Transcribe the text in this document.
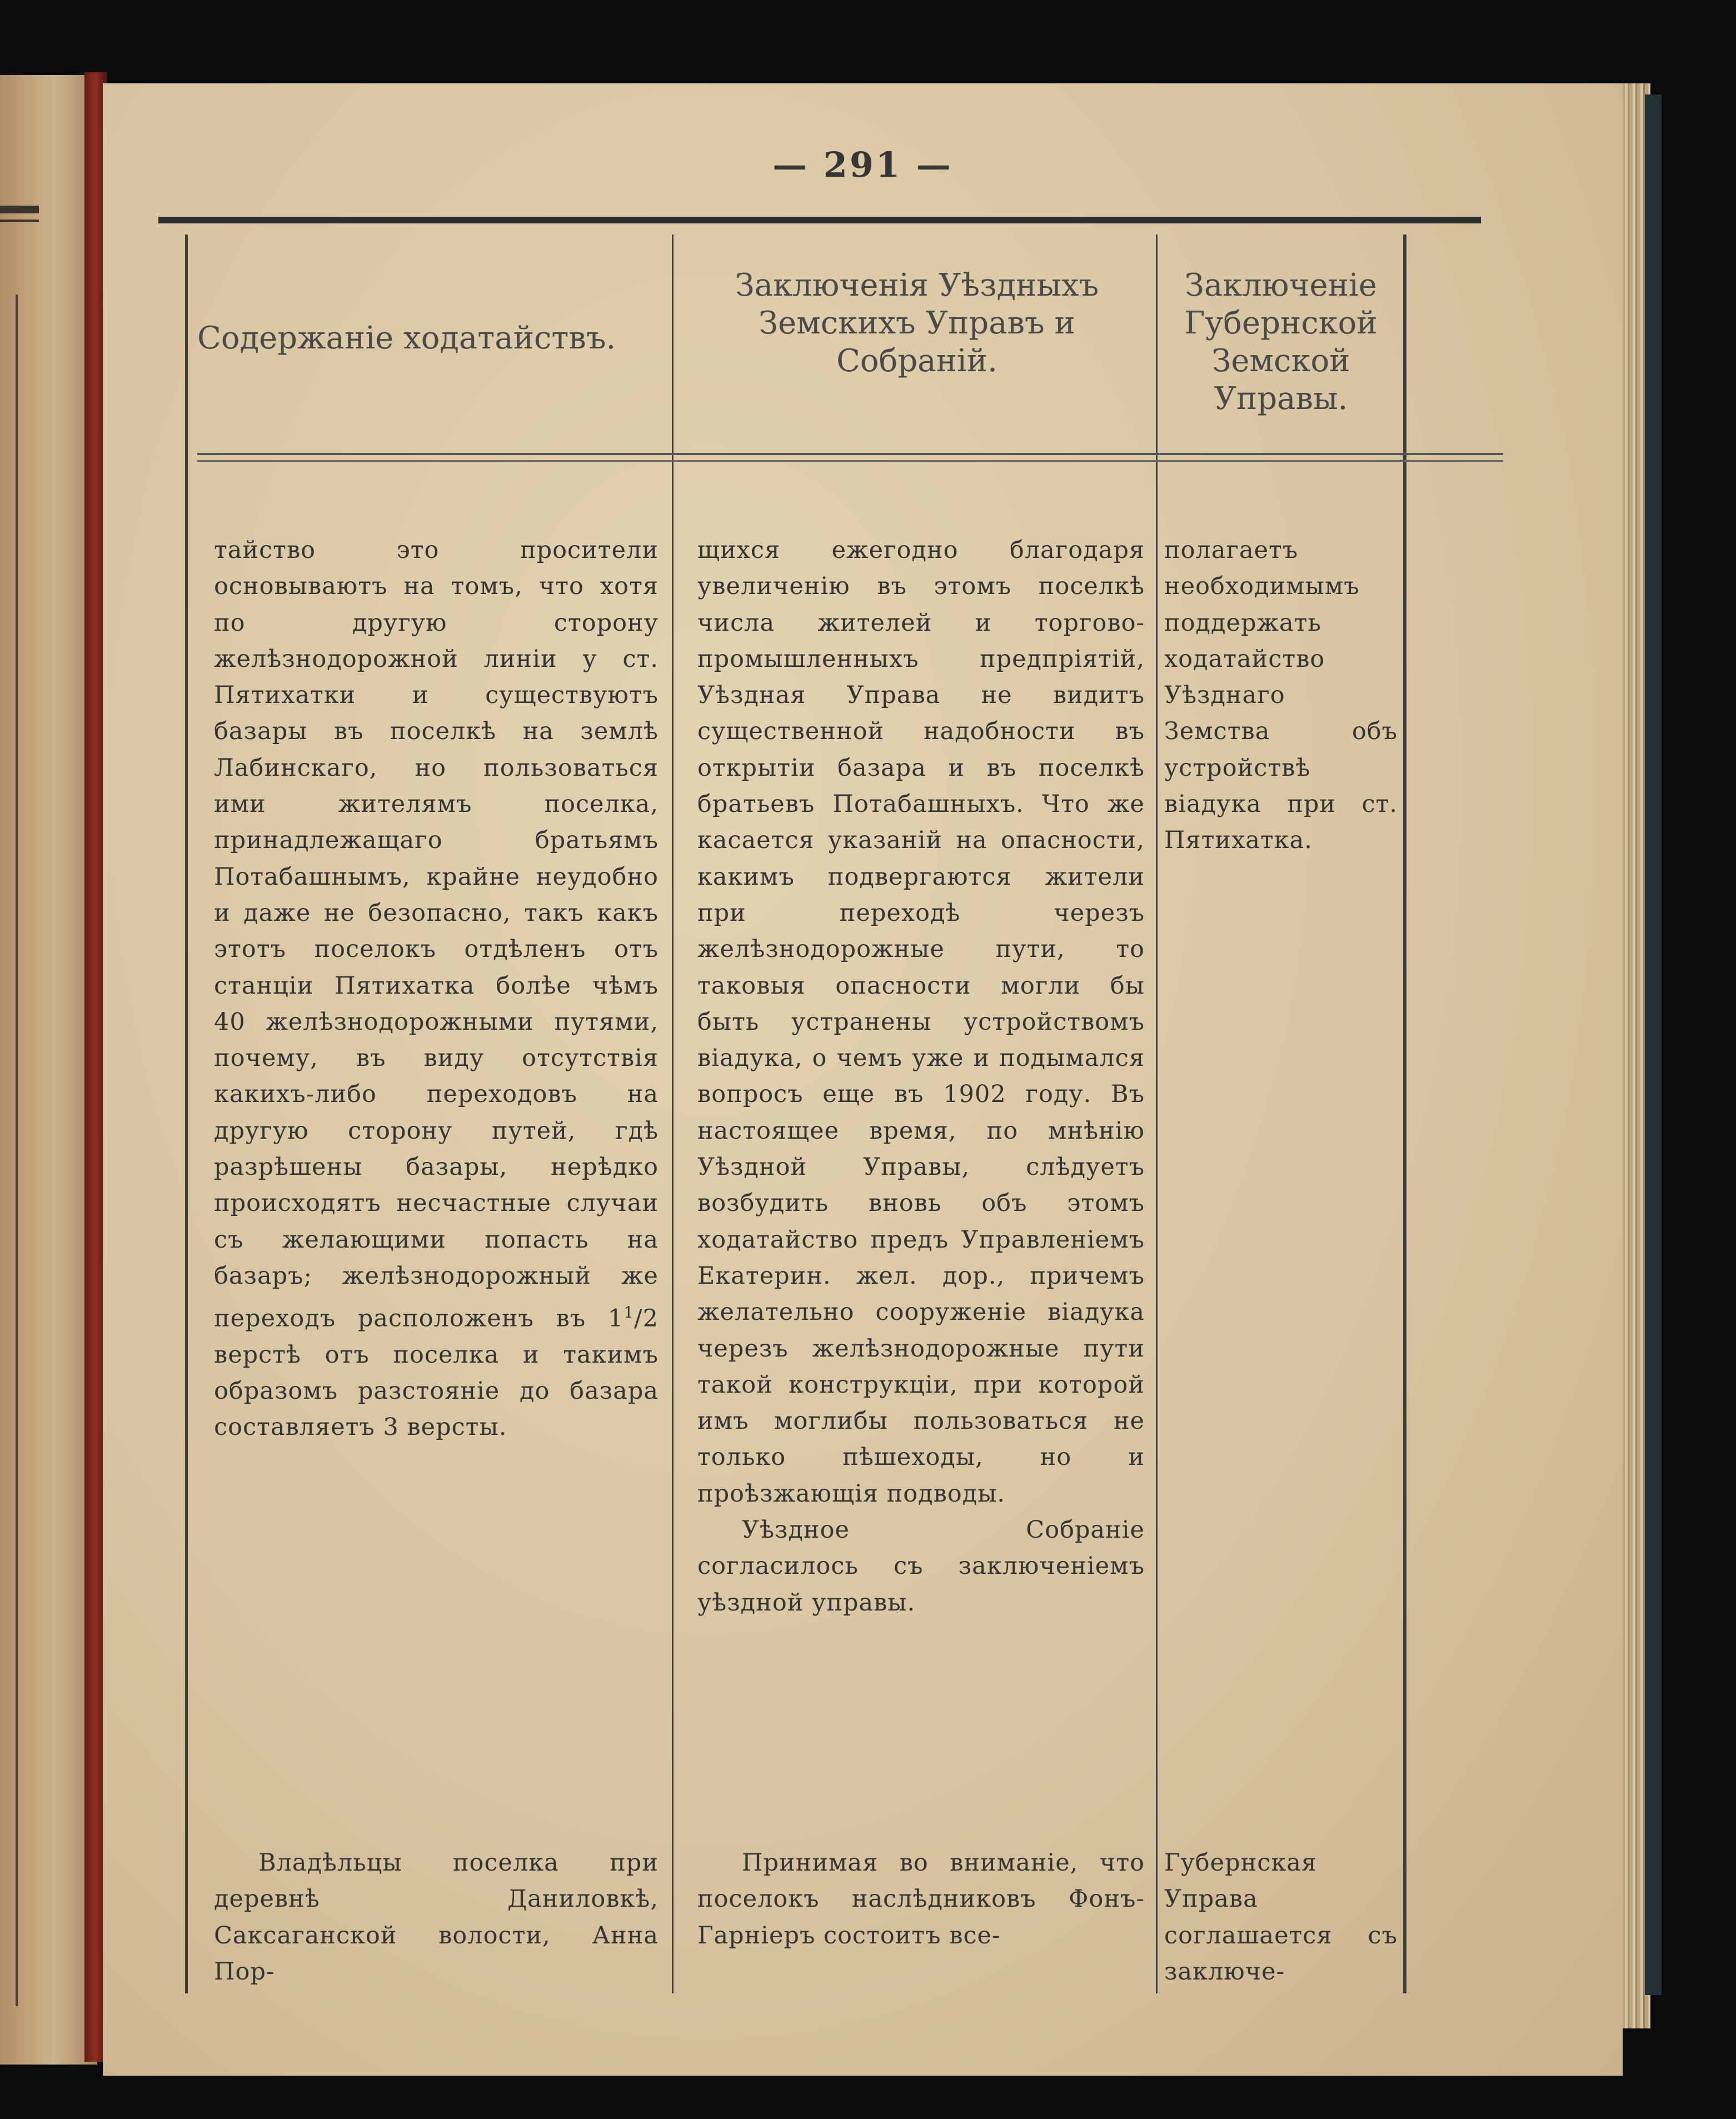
— 291 —
Содержанie ходатайствъ.
Заключенія Уѣздныхъ Земскихъ Управъ и Собраній.
Заключеніе Губернской Земской Управы.

тайство это просители основываютъ на томъ, что хотя по другую сторону желѣзнодорожной линіи у ст. Пятихатки и существуютъ базары въ поселкѣ на землѣ Лабинскаго, но пользоваться ими жителямъ поселка, принадлежащаго братьямъ Потабашнымъ, крайне неудобно и даже не безопасно, такъ какъ этотъ поселокъ отдѣленъ отъ станціи Пятихатка болѣе чѣмъ 40 желѣзнодорожными путями, почему, въ виду отсутствія какихъ-либо переходовъ на другую сторону путей, гдѣ разрѣшены базары, нерѣдко происходятъ несчастные случаи съ желающими попасть на базаръ; желѣзнодорожный же переходъ расположенъ въ $1^1/2$ верстѣ отъ поселка и такимъ образомъ разстояніе до базара составляетъ 3 версты.

щихся ежегодно благодаря увеличенію въ этомъ поселкѣ числа жителей и торгово-промышленныхъ предпріятій, Уѣздная Управа не видитъ существенной надобности въ открытіи базара и въ поселкѣ братьевъ Потабашныхъ. Что же касается указаній на опасности, какимъ подвергаются жители при переходѣ черезъ желѣзнодорожные пути, то таковыя опасности могли бы быть устранены устройствомъ віадука, о чемъ уже и подымался вопросъ еще въ 1902 году. Въ настоящее время, по мнѣнію Уѣздной Управы, слѣдуетъ возбудить вновь объ этомъ ходатайство предъ Управленіемъ Екатерин. жел. дор., причемъ желательно сооруженіе віадука черезъ желѣзнодорожные пути такой конструкціи, при которой имъ моглибы пользоваться не только пѣшеходы, но и проѣзжающія подводы.

Уѣздное Собраніе согласилось съ заключеніемъ уѣздной управы.

полагаетъ необходимымъ поддержать ходатайство Уѣзднаго Земства объ устройствѣ віадука при ст. Пятихатка.

Владѣльцы поселка при деревнѣ Даниловкѣ, Саксаганской волости, Анна Пор-

Принимая во вниманіе, что поселокъ наслѣдниковъ Фонъ-Гарніеръ состоитъ все-

Губернская Управа соглашается съ заключе-
